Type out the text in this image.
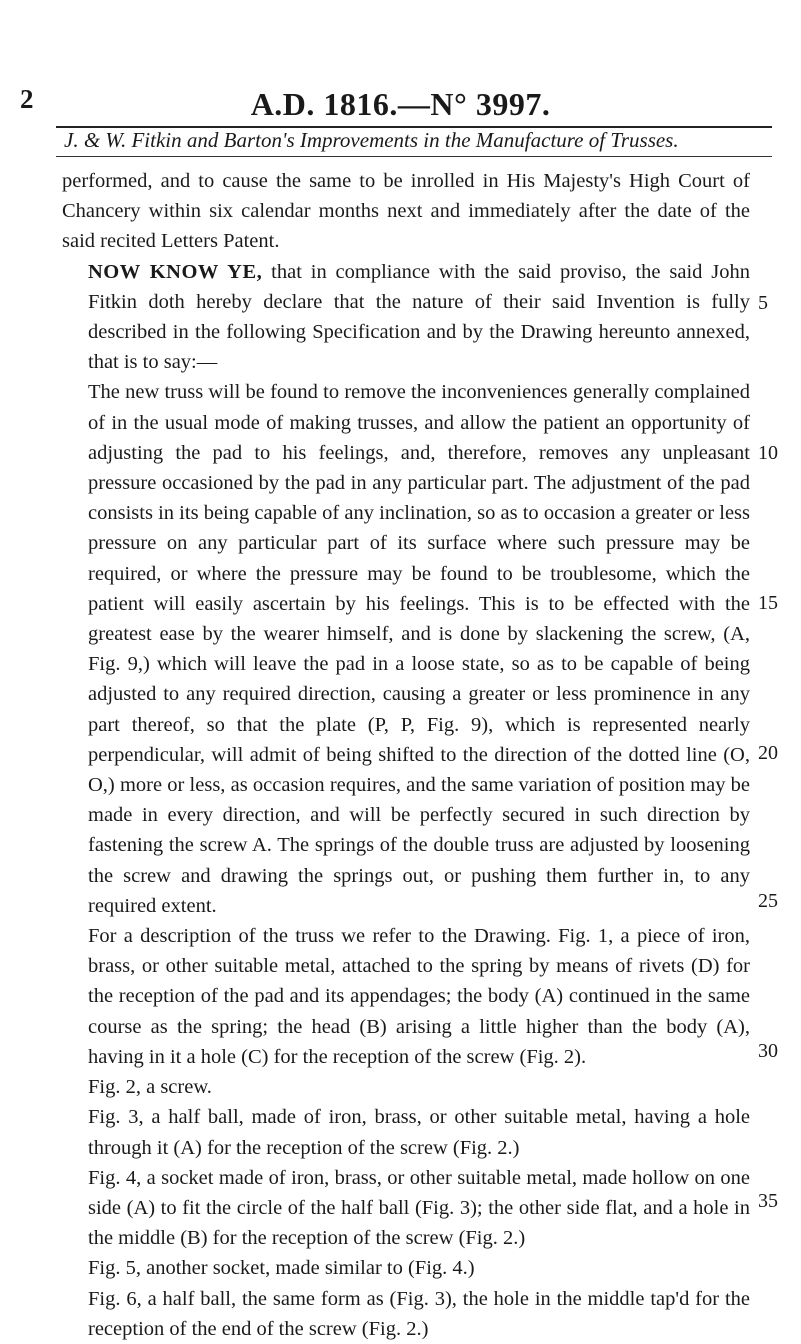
2	A.D. 1816.—N° 3997.
J. & W. Fitkin and Barton's Improvements in the Manufacture of Trusses.

performed, and to cause the same to be inrolled in His Majesty's High Court of Chancery within six calendar months next and immediately after the date of the said recited Letters Patent.

NOW KNOW YE, that in compliance with the said proviso, the said John Fitkin doth hereby declare that the nature of their said Invention is fully described in the following Specification and by the Drawing hereunto annexed, that is to say:—

The new truss will be found to remove the inconveniences generally complained of in the usual mode of making trusses, and allow the patient an opportunity of adjusting the pad to his feelings, and, therefore, removes any unpleasant pressure occasioned by the pad in any particular part. The adjustment of the pad consists in its being capable of any inclination, so as to occasion a greater or less pressure on any particular part of its surface where such pressure may be required, or where the pressure may be found to be troublesome, which the patient will easily ascertain by his feelings. This is to be effected with the greatest ease by the wearer himself, and is done by slackening the screw, (A, Fig. 9,) which will leave the pad in a loose state, so as to be capable of being adjusted to any required direction, causing a greater or less prominence in any part thereof, so that the plate (P, P, Fig. 9), which is represented nearly perpendicular, will admit of being shifted to the direction of the dotted line (O, O,) more or less, as occasion requires, and the same variation of position may be made in every direction, and will be perfectly secured in such direction by fastening the screw A. The springs of the double truss are adjusted by loosening the screw and drawing the springs out, or pushing them further in, to any required extent.

For a description of the truss we refer to the Drawing. Fig. 1, a piece of iron, brass, or other suitable metal, attached to the spring by means of rivets (D) for the reception of the pad and its appendages; the body (A) continued in the same course as the spring; the head (B) arising a little higher than the body (A), having in it a hole (C) for the reception of the screw (Fig. 2).

Fig. 2, a screw.

Fig. 3, a half ball, made of iron, brass, or other suitable metal, having a hole through it (A) for the reception of the screw (Fig. 2.)

Fig. 4, a socket made of iron, brass, or other suitable metal, made hollow on one side (A) to fit the circle of the half ball (Fig. 3); the other side flat, and a hole in the middle (B) for the reception of the screw (Fig. 2.)

Fig. 5, another socket, made similar to (Fig. 4.)

Fig. 6, a half ball, the same form as (Fig. 3), the hole in the middle tap'd for the reception of the end of the screw (Fig. 2.)

5
10
15
20
25
30
35
